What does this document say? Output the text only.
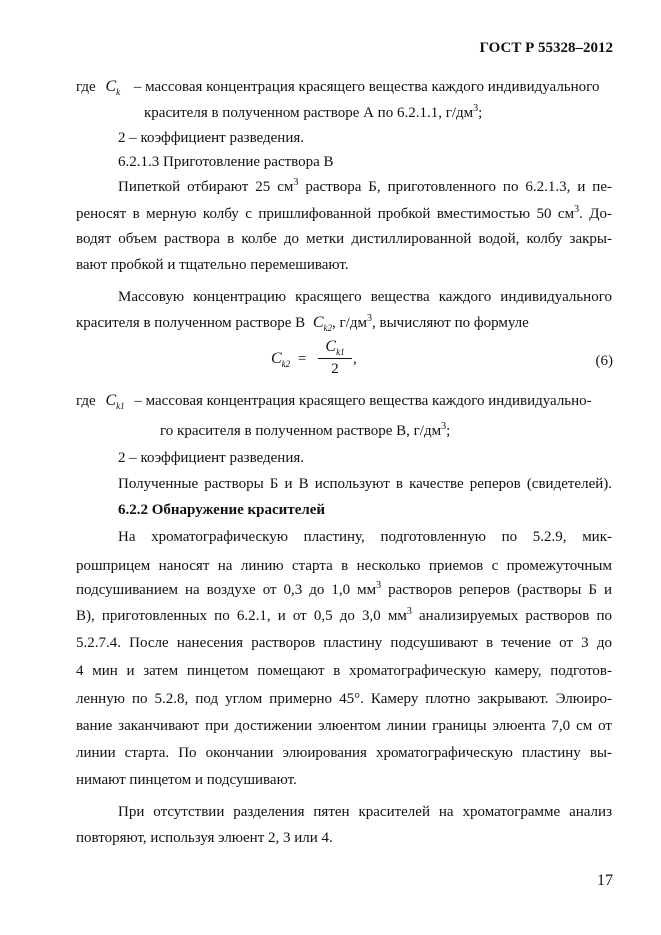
ГОСТ Р 55328–2012
где $C_k$ – массовая концентрация красящего вещества каждого индивидуального
красителя в полученном растворе А по 6.2.1.1, $г/дм^3$;
2 – коэффициент разведения.
6.2.1.3 Приготовление раствора В
Пипеткой отбирают 25 $см^3$ раствора Б, приготовленного по 6.2.1.3, и пе-
реносят в мерную колбу с пришлифованной пробкой вместимостью 50 $см^3$. До-
водят объем раствора в колбе до метки дистиллированной водой, колбу закры-
вают пробкой и тщательно перемешивают.
Массовую концентрацию красящего вещества каждого индивидуального
красителя в полученном растворе В $C_{k2}$, $г/дм^3$, вычисляют по формуле
$C_{k2}$ =
$C_{k1}$
2
,	(6)
где $C_{k1}$ – массовая концентрация красящего вещества каждого индивидуально-
го красителя в полученном растворе В, $г/дм^3$;
2 – коэффициент разведения.
Полученные растворы Б и В используют в качестве реперов (свидетелей).
6.2.2 Обнаружение красителей
На хроматографическую пластину, подготовленную по 5.2.9, мик-
рошприцем наносят на линию старта в несколько приемов с промежуточным
подсушиванием на воздухе от 0,3 до 1,0 $мм^3$ растворов реперов (растворы Б и
В), приготовленных по 6.2.1, и от 0,5 до 3,0 $мм^3$ анализируемых растворов по
5.2.7.4. После нанесения растворов пластину подсушивают в течение от 3 до
4 мин и затем пинцетом помещают в хроматографическую камеру, подготов-
ленную по 5.2.8, под углом примерно 45°. Камеру плотно закрывают. Элюиро-
вание заканчивают при достижении элюентом линии границы элюента 7,0 см от
линии старта. По окончании элюирования хроматографическую пластину вы-
нимают пинцетом и подсушивают.
При отсутствии разделения пятен красителей на хроматограмме анализ
повторяют, используя элюент 2, 3 или 4.
17
